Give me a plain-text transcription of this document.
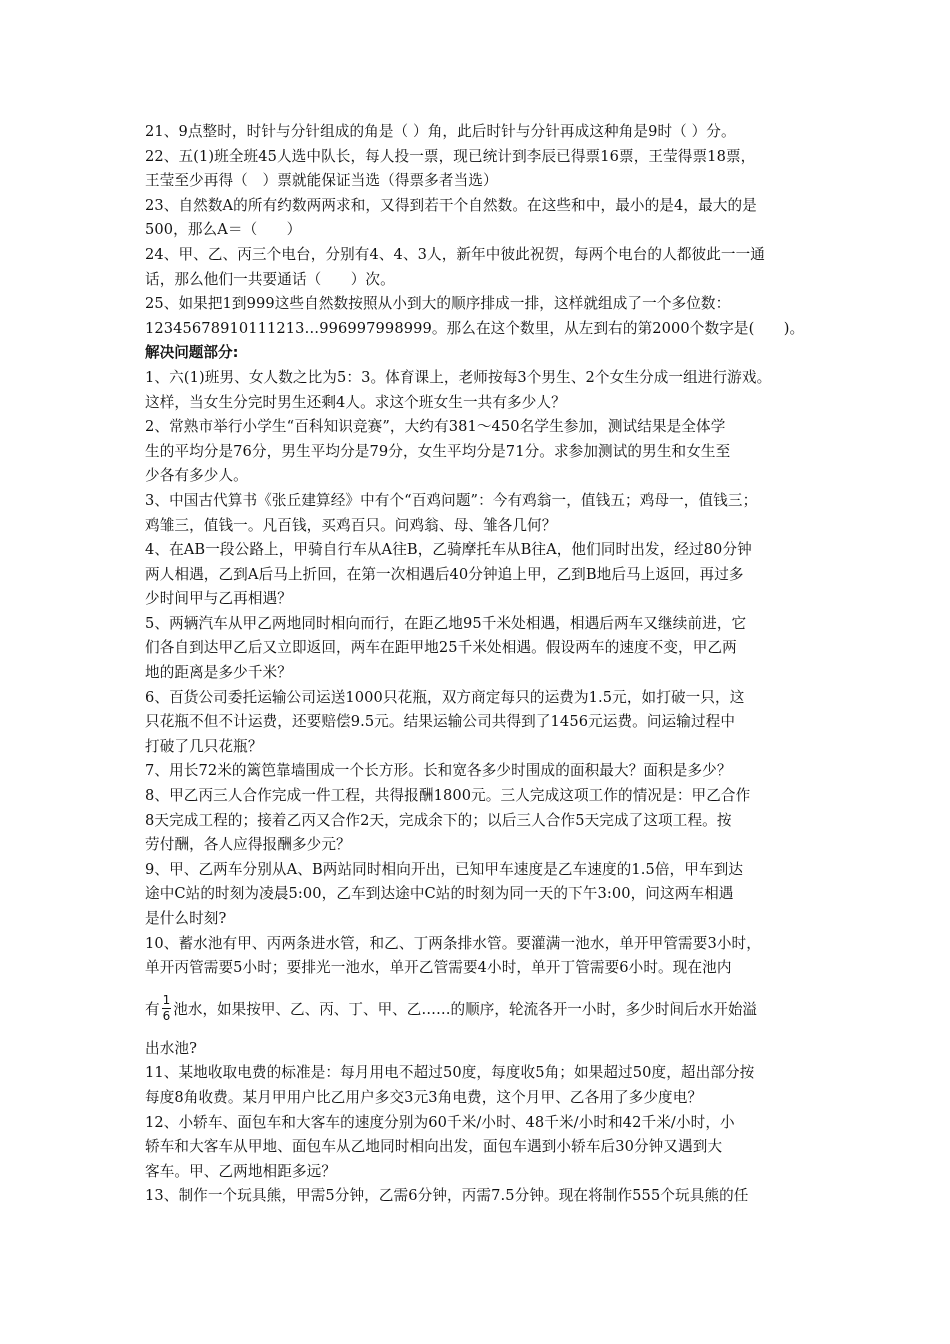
21、9点整时，时针与分针组成的角是（ ）角，此后时针与分针再成这种角是9时（ ）分。
22、五(1)班全班45人选中队长，每人投一票，现已统计到李辰已得票16票，王莹得票18票，
王莹至少再得（　）票就能保证当选（得票多者当选）
23、自然数A的所有约数两两求和，又得到若干个自然数。在这些和中，最小的是4，最大的是
500，那么A＝（　　）
24、甲、乙、丙三个电台，分别有4、4、3人，新年中彼此祝贺，每两个电台的人都彼此一一通
话，那么他们一共要通话（　　）次。
25、如果把1到999这些自然数按照从小到大的顺序排成一排，这样就组成了一个多位数：
12345678910111213…996997998999。那么在这个数里，从左到右的第2000个数字是(　　)。
解决问题部分:
1、六(1)班男、女人数之比为5：3。体育课上，老师按每3个男生、2个女生分成一组进行游戏。
这样，当女生分完时男生还剩4人。求这个班女生一共有多少人？
2、常熟市举行小学生“百科知识竞赛”，大约有381～450名学生参加，测试结果是全体学
生的平均分是76分，男生平均分是79分，女生平均分是71分。求参加测试的男生和女生至
少各有多少人。
3、中国古代算书《张丘建算经》中有个“百鸡问题”：今有鸡翁一，值钱五；鸡母一，值钱三；
鸡雏三，值钱一。凡百钱，买鸡百只。问鸡翁、母、雏各几何？
4、在AB一段公路上，甲骑自行车从A往B，乙骑摩托车从B往A，他们同时出发，经过80分钟
两人相遇，乙到A后马上折回，在第一次相遇后40分钟追上甲，乙到B地后马上返回，再过多
少时间甲与乙再相遇？
5、两辆汽车从甲乙两地同时相向而行，在距乙地95千米处相遇，相遇后两车又继续前进，它
们各自到达甲乙后又立即返回，两车在距甲地25千米处相遇。假设两车的速度不变，甲乙两
地的距离是多少千米？
6、百货公司委托运输公司运送1000只花瓶，双方商定每只的运费为1.5元，如打破一只，这
只花瓶不但不计运费，还要赔偿9.5元。结果运输公司共得到了1456元运费。问运输过程中
打破了几只花瓶？
7、用长72米的篱笆靠墙围成一个长方形。长和宽各多少时围成的面积最大？面积是多少？
8、甲乙丙三人合作完成一件工程，共得报酬1800元。三人完成这项工作的情况是：甲乙合作
8天完成工程的；接着乙丙又合作2天，完成余下的；以后三人合作5天完成了这项工程。按
劳付酬，各人应得报酬多少元？
9、甲、乙两车分别从A、B两站同时相向开出，已知甲车速度是乙车速度的1.5倍，甲车到达
途中C站的时刻为凌晨5:00，乙车到达途中C站的时刻为同一天的下午3:00，问这两车相遇
是什么时刻?
10、蓄水池有甲、丙两条进水管，和乙、丁两条排水管。要灌满一池水，单开甲管需要3小时，
单开丙管需要5小时；要排光一池水，单开乙管需要4小时，单开丁管需要6小时。现在池内
有 $\frac{1}{6}$ 池水，如果按甲、乙、丙、丁、甲、乙……的顺序，轮流各开一小时，多少时间后水开始溢
出水池?
11、某地收取电费的标准是：每月用电不超过50度，每度收5角；如果超过50度，超出部分按
每度8角收费。某月甲用户比乙用户多交3元3角电费，这个月甲、乙各用了多少度电？
12、小轿车、面包车和大客车的速度分别为60千米/小时、48千米/小时和42千米/小时，小
轿车和大客车从甲地、面包车从乙地同时相向出发，面包车遇到小轿车后30分钟又遇到大
客车。甲、乙两地相距多远？
13、制作一个玩具熊，甲需5分钟，乙需6分钟，丙需7.5分钟。现在将制作555个玩具熊的任
